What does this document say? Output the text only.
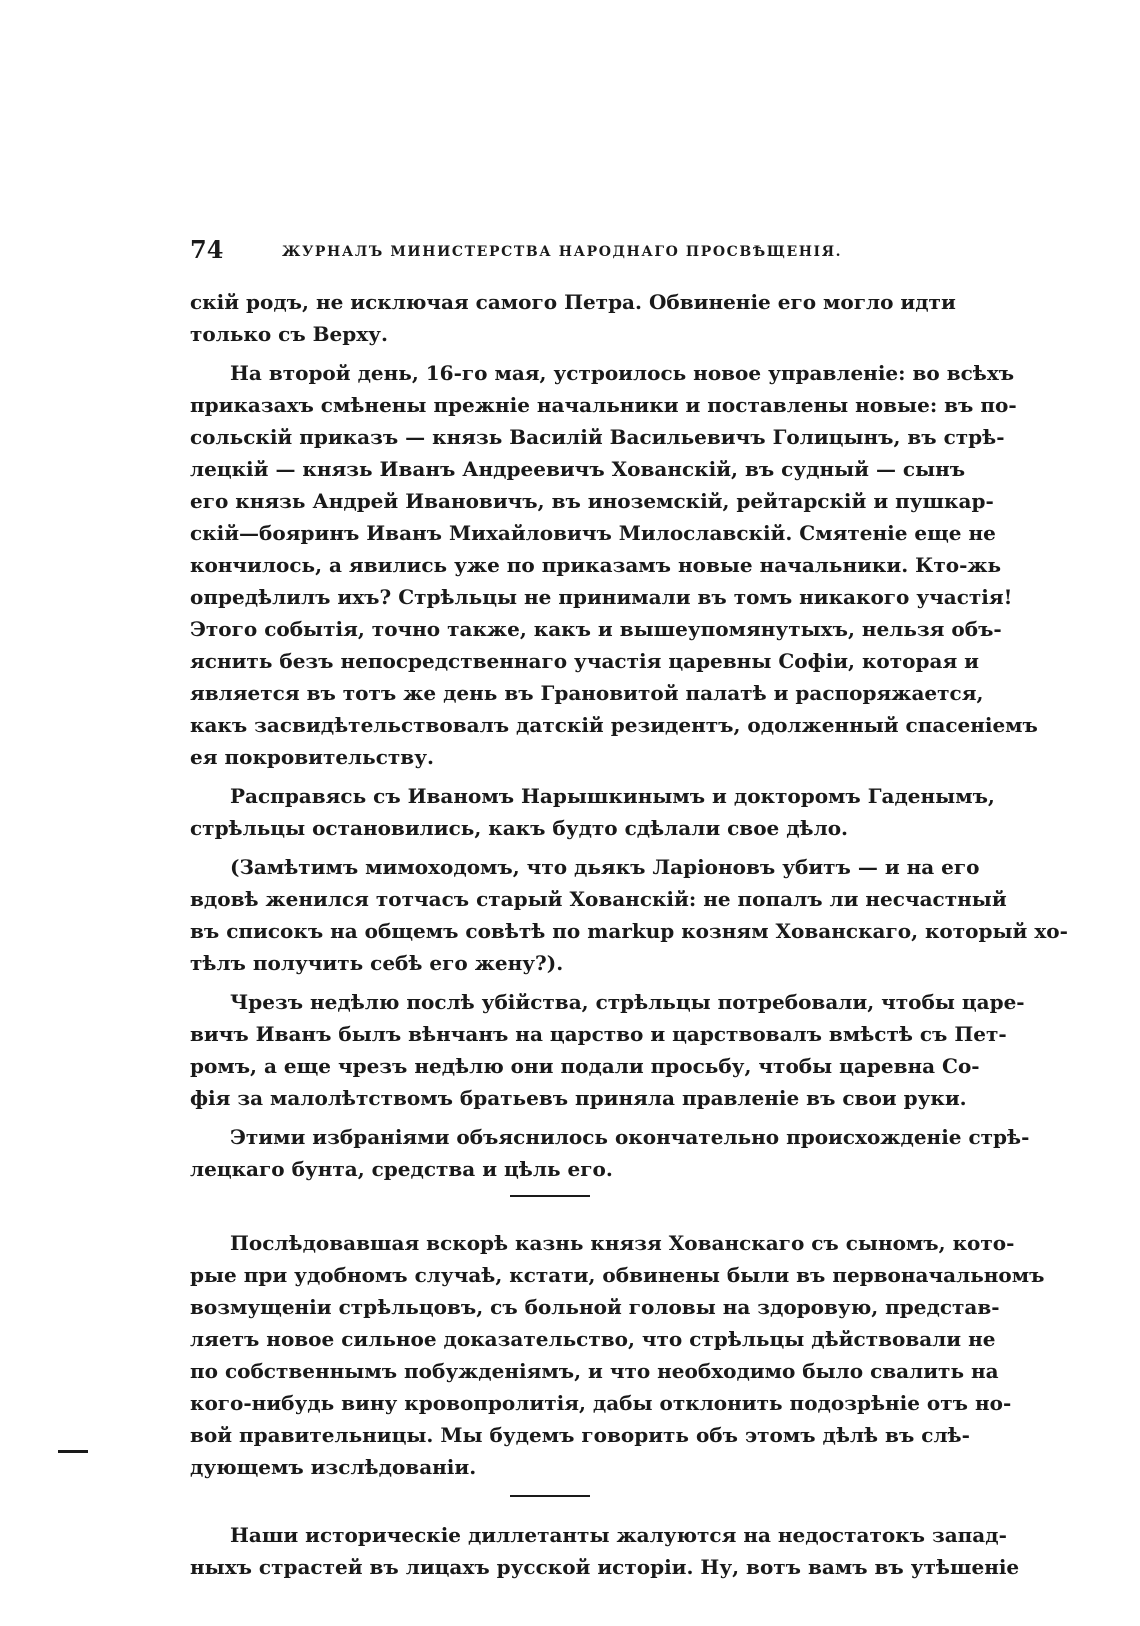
74	ЖУРНАЛЪ МИНИСТЕРСТВА НАРОДНАГО ПРОСВѢЩЕНІЯ.
скій родъ, не исключая самого Петра. Обвиненіе его могло идти
только съ Верху.
На второй день, 16-го мая, устроилось новое управленіе: во всѣхъ
приказахъ смѣнены прежніе начальники и поставлены новые: въ по-
сольскій приказъ — князь Василій Васильевичъ Голицынъ, въ стрѣ-
лецкій — князь Иванъ Андреевичъ Хованскій, въ судный — сынъ
его князь Андрей Ивановичъ, въ иноземскій, рейтарскій и пушкар-
скій—бояринъ Иванъ Михайловичъ Милославскій. Смятеніе еще не
кончилось, а явились уже по приказамъ новые начальники. Кто-жь
опредѣлилъ ихъ? Стрѣльцы не принимали въ томъ никакого участія!
Этого событія, точно также, какъ и вышеупомянутыхъ, нельзя объ-
яснить безъ непосредственнаго участія царевны Софіи, которая и
является въ тотъ же день въ Грановитой палатѣ и распоряжается,
какъ засвидѣтельствовалъ датскій резидентъ, одолженный спасеніемъ
ея покровительству.
Расправясь съ Иваномъ Нарышкинымъ и докторомъ Гаденымъ,
стрѣльцы остановились, какъ будто сдѣлали свое дѣло.
(Замѣтимъ мимоходомъ, что дьякъ Ларіоновъ убитъ — и на его
вдовѣ женился тотчасъ старый Хованскій: не попалъ ли несчастный
въ списокъ на общемъ совѣтѣ по markup козням Хованскаго, который хо-
тѣлъ получить себѣ его жену?).
Чрезъ недѣлю послѣ убійства, стрѣльцы потребовали, чтобы царе-
вичъ Иванъ былъ вѣнчанъ на царство и царствовалъ вмѣстѣ съ Пет-
ромъ, а еще чрезъ недѣлю они подали просьбу, чтобы царевна Со-
фія за малолѣтствомъ братьевъ приняла правленіе въ свои руки.
Этими избраніями объяснилось окончательно происхожденіе стрѣ-
лецкаго бунта, средства и цѣль его.
Послѣдовавшая вскорѣ казнь князя Хованскаго съ сыномъ, кото-
рые при удобномъ случаѣ, кстати, обвинены были въ первоначальномъ
возмущеніи стрѣльцовъ, съ больной головы на здоровую, представ-
ляетъ новое сильное доказательство, что стрѣльцы дѣйствовали не
по собственнымъ побужденіямъ, и что необходимо было свалить на
кого-нибудь вину кровопролитія, дабы отклонить подозрѣніе отъ но-
вой правительницы. Мы будемъ говорить объ этомъ дѣлѣ въ слѣ-
дующемъ изслѣдованіи.
Наши историческіе диллетанты жалуются на недостатокъ запад-
ныхъ страстей въ лицахъ русской исторіи. Ну, вотъ вамъ въ утѣшеніе
